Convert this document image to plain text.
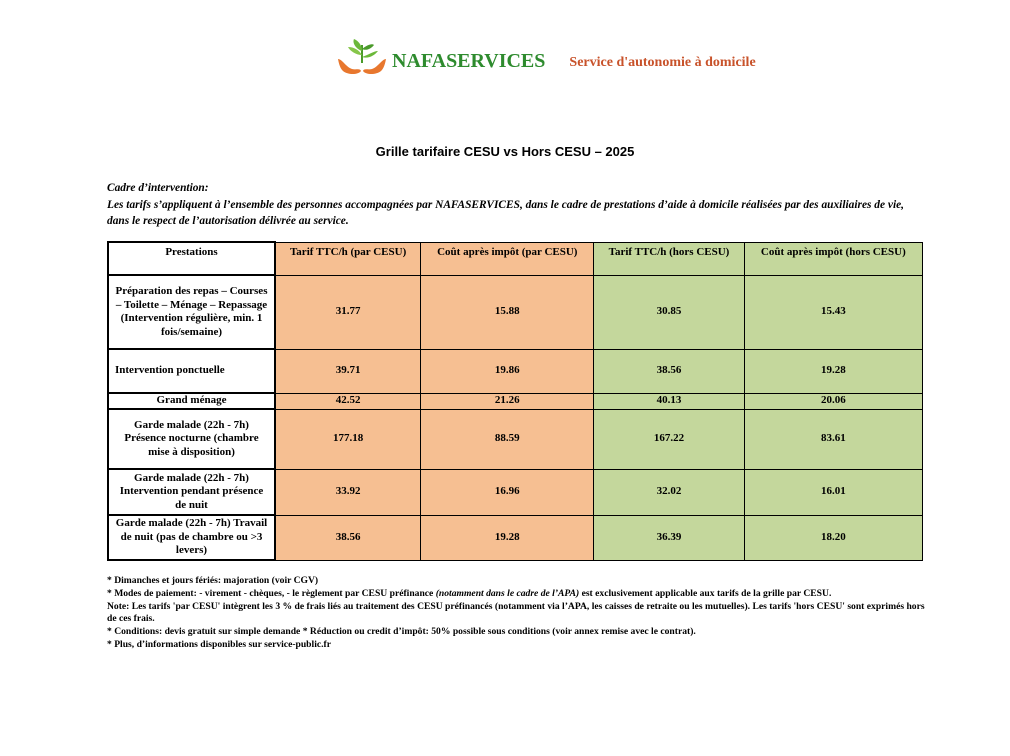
NAFASERVICES Service d'autonomie à domicile
Grille tarifaire CESU vs Hors CESU – 2025
Cadre d’intervention:
Les tarifs s’appliquent à l’ensemble des personnes accompagnées par NAFASERVICES, dans le cadre de prestations d’aide à domicile réalisées par des auxiliaires de vie, dans le respect de l’autorisation délivrée au service.
Prestations	Tarif TTC/h (par CESU)	Coût après impôt (par CESU)	Tarif TTC/h (hors CESU)	Coût après impôt (hors CESU)
Préparation des repas – Courses – Toilette – Ménage – Repassage (Intervention régulière, min. 1 fois/semaine)	31.77	15.88	30.85	15.43
Intervention ponctuelle	39.71	19.86	38.56	19.28
Grand ménage	42.52	21.26	40.13	20.06
Garde malade (22h - 7h) Présence nocturne (chambre mise à disposition)	177.18	88.59	167.22	83.61
Garde malade (22h - 7h) Intervention pendant présence de nuit	33.92	16.96	32.02	16.01
Garde malade (22h - 7h) Travail de nuit (pas de chambre ou >3 levers)	38.56	19.28	36.39	18.20

* Dimanches et jours fériés: majoration (voir CGV)

* Modes de paiement: - virement - chèques, - le règlement par CESU préfinance (notamment dans le cadre de l’APA) est exclusivement applicable aux tarifs de la grille par CESU.

Note: Les tarifs 'par CESU' intègrent les 3 % de frais liés au traitement des CESU préfinancés (notamment via l’APA, les caisses de retraite ou les mutuelles). Les tarifs 'hors CESU' sont exprimés hors de ces frais.

* Conditions: devis gratuit sur simple demande * Réduction ou credit d’impôt: 50% possible sous conditions (voir annex remise avec le contrat).

* Plus, d’informations disponibles sur service-public.fr
